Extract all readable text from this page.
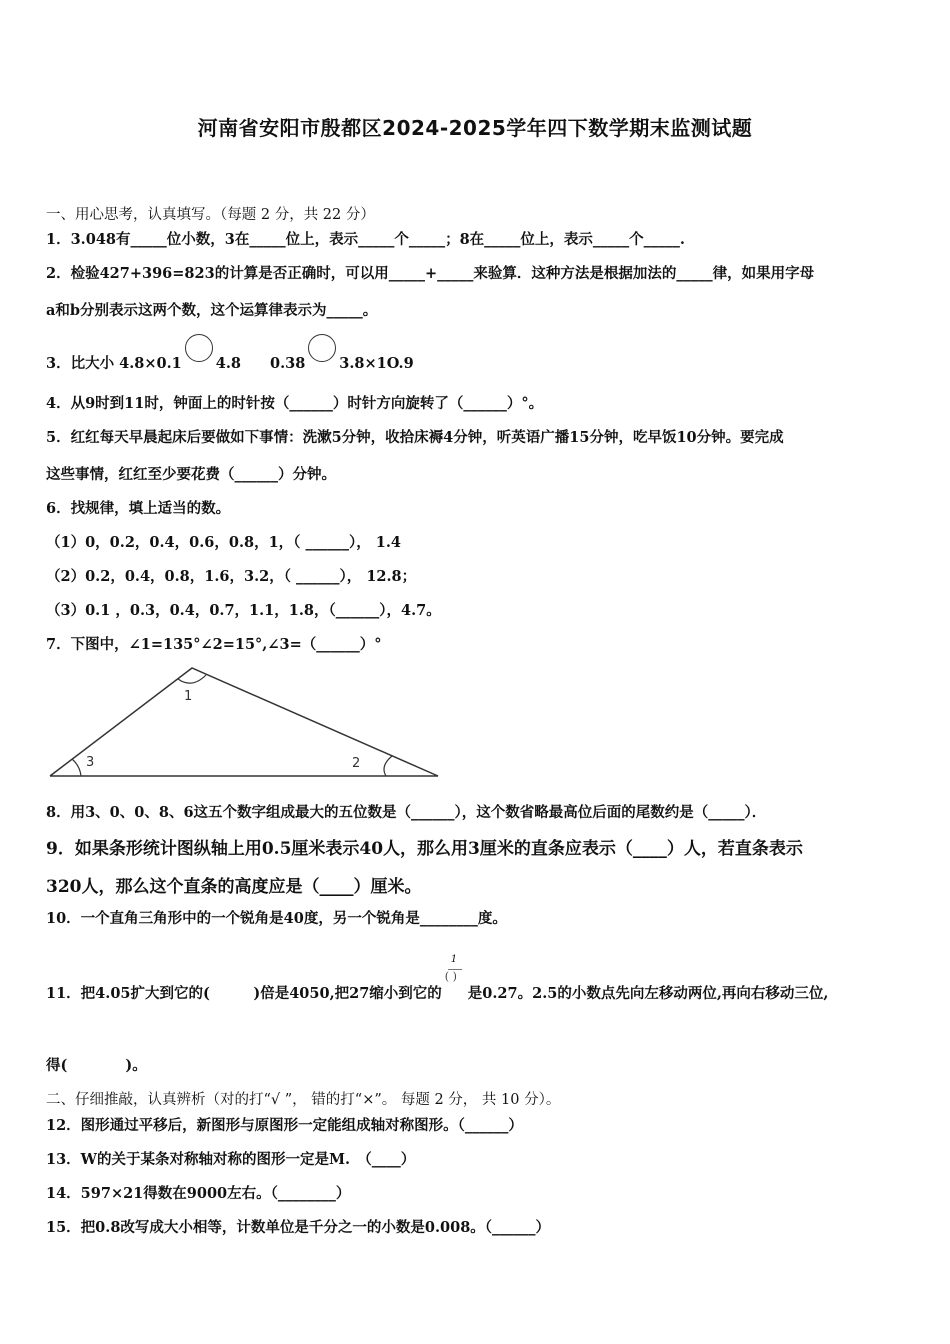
河南省安阳市殷都区2024-2025学年四下数学期末监测试题
一、用心思考，认真填写。（每题 2 分，共 22 分）
1．3.048有_____位小数，3在_____位上，表示_____个_____；8在_____位上，表示_____个_____.
2．检验427+396=823的计算是否正确时，可以用_____+_____来验算．这种方法是根据加法的_____律，如果用字母
a和b分别表示这两个数，这个运算律表示为_____。
3．比大小 4.8×0.1 4.8　　0.38 3.8×1O.9
4．从9时到11时，钟面上的时针按（______）时针方向旋转了（______）°。
5．红红每天早晨起床后要做如下事情：洗漱5分钟，收拾床褥4分钟，听英语广播15分钟，吃早饭10分钟。要完成
这些事情，红红至少要花费（______）分钟。
6．找规律，填上适当的数。
（1）0，0.2，0.4，0.6，0.8，1，（ ______）， 1.4
（2）0.2，0.4，0.8，1.6，3.2，（ ______）， 12.8；
（3）0.1 ，0.3，0.4，0.7，1.1，1.8，（______），4.7。
7．下图中，∠1=135°∠2=15°,∠3=（______）°
1
2
3
8．用3、0、0、8、6这五个数字组成最大的五位数是（______），这个数省略最高位后面的尾数约是（_____）．
9．如果条形统计图纵轴上用0.5厘米表示40人，那么用3厘米的直条应表示（____）人，若直条表示
320人，那么这个直条的高度应是（____）厘米。
10．一个直角三角形中的一个锐角是40度，另一个锐角是________度。
11．把4.05扩大到它的(　　　)倍是4050,把27缩小到它的 $\frac{1}{( )}$ 是0.27。2.5的小数点先向左移动两位,再向右移动三位,
得(　　　　)。
二、仔细推敲，认真辨析（对的打“√ ”， 错的打“×”。 每题 2 分， 共 10 分）。
12．图形通过平移后，新图形与原图形一定能组成轴对称图形。（______）
13．W的关于某条对称轴对称的图形一定是M.　（____）
14．597×21得数在9000左右。（________）
15．把0.8改写成大小相等，计数单位是千分之一的小数是0.008。（______）
